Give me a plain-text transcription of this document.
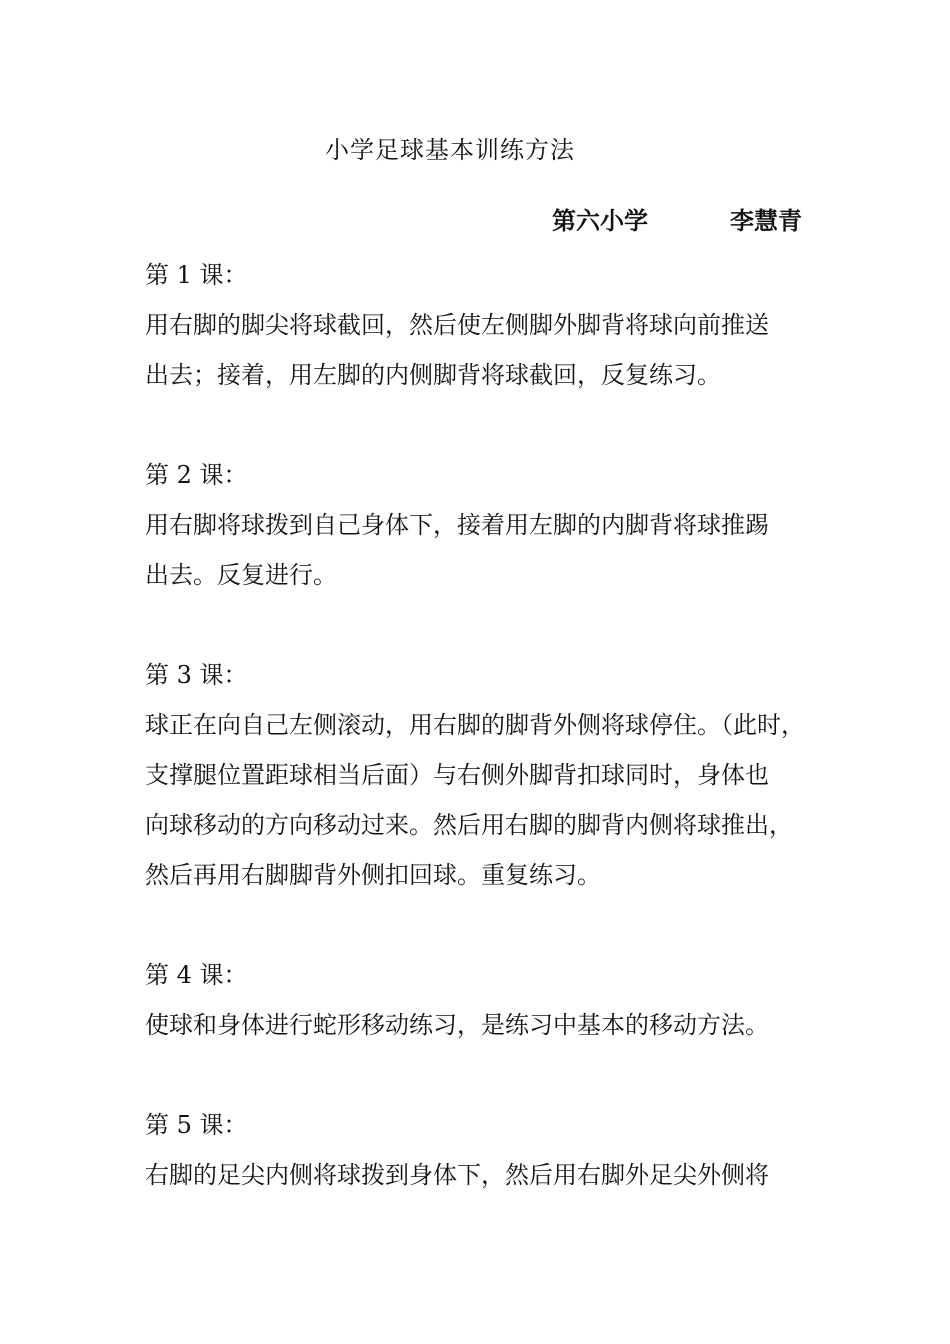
小学足球基本训练方法
第六小学	李慧青
第 1 课：
用右脚的脚尖将球截回，然后使左侧脚外脚背将球向前推送
出去；接着，用左脚的内侧脚背将球截回，反复练习。
第 2 课：
用右脚将球拨到自己身体下，接着用左脚的内脚背将球推踢
出去。反复进行。
第 3 课：
球正在向自己左侧滚动，用右脚的脚背外侧将球停住。（此时，
支撑腿位置距球相当后面）与右侧外脚背扣球同时，身体也
向球移动的方向移动过来。然后用右脚的脚背内侧将球推出，
然后再用右脚脚背外侧扣回球。重复练习。
第 4 课：
使球和身体进行蛇形移动练习，是练习中基本的移动方法。
第 5 课：
右脚的足尖内侧将球拨到身体下，然后用右脚外足尖外侧将
